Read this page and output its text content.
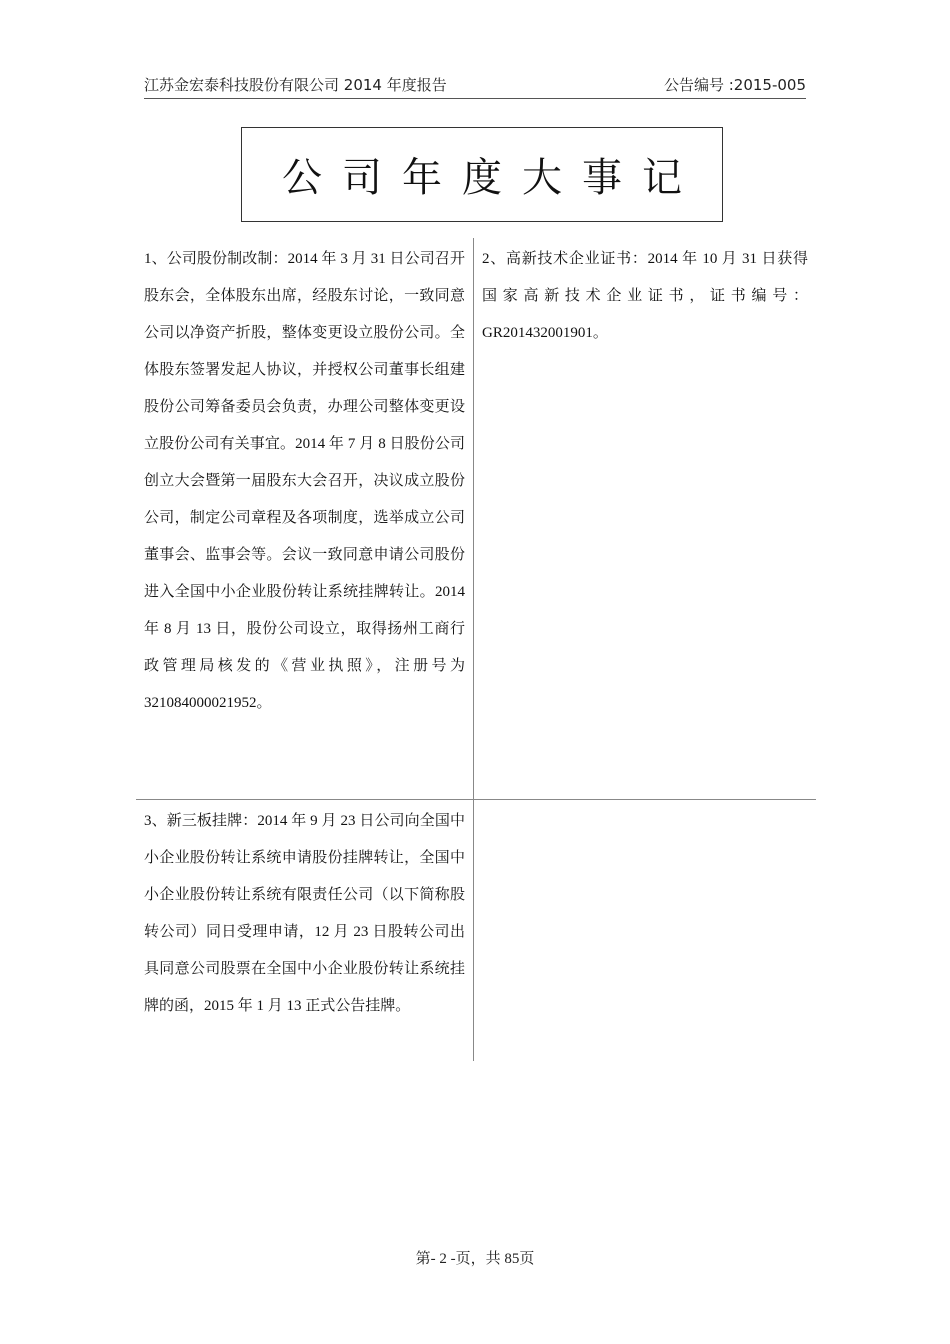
江苏金宏泰科技股份有限公司 2014 年度报告	公告编号 :2015-005
公司年度大事记
1、公司股份制改制：2014 年 3 月 31 日公司召开股东会，全体股东出席，经股东讨论，一致同意公司以净资产折股，整体变更设立股份公司。全体股东签署发起人协议，并授权公司董事长组建股份公司筹备委员会负责，办理公司整体变更设立股份公司有关事宜。2014 年 7 月 8 日股份公司创立大会暨第一届股东大会召开，决议成立股份公司，制定公司章程及各项制度，选举成立公司董事会、监事会等。会议一致同意申请公司股份进入全国中小企业股份转让系统挂牌转让。2014 年 8 月 13 日，股份公司设立，取得扬州工商行政管理局核发的《营业执照》，注册号为321084000021952。
2、高新技术企业证书：2014 年 10 月 31 日获得国家高新技术企业证书，证书编号：GR201432001901。
3、新三板挂牌：2014 年 9 月 23 日公司向全国中小企业股份转让系统申请股份挂牌转让，全国中小企业股份转让系统有限责任公司（以下简称股转公司）同日受理申请，12 月 23 日股转公司出具同意公司股票在全国中小企业股份转让系统挂牌的函，2015 年 1 月 13 正式公告挂牌。
第- 2 -页，共 85页
